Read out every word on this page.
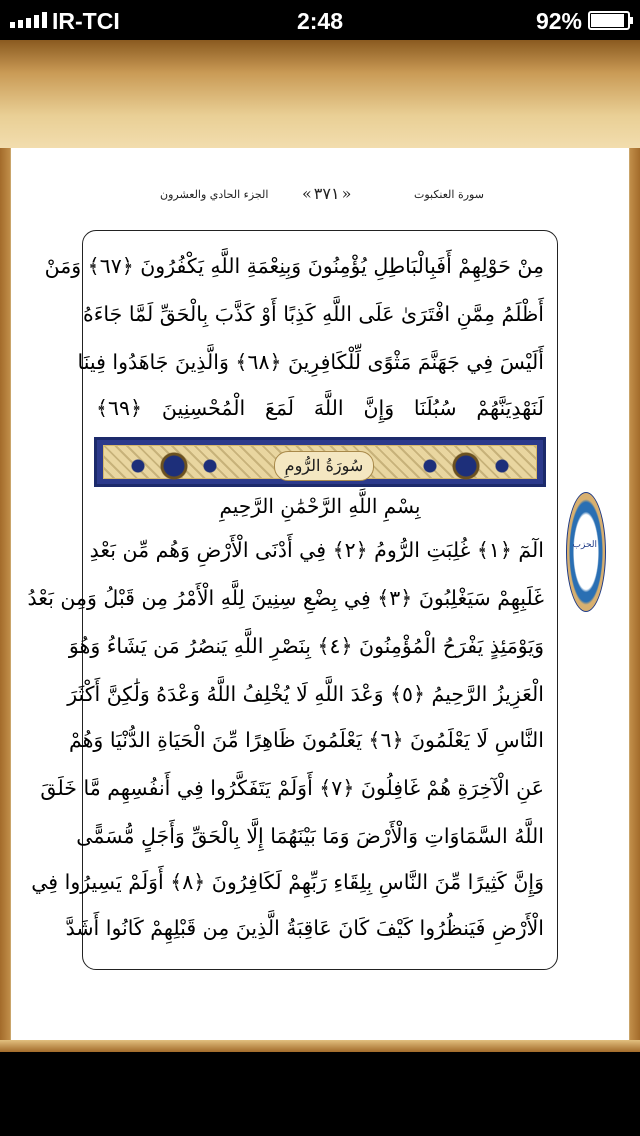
IR-TCI	2:48	92%
الجزء الحادي والعشرون
«	٣٧١ »	سورة العنكبوت
مِنْ حَوْلِهِمْ أَفَبِالْبَاطِلِ يُؤْمِنُونَ وَبِنِعْمَةِ اللَّهِ يَكْفُرُونَ ﴿٦٧﴾ وَمَنْ
أَظْلَمُ مِمَّنِ افْتَرَىٰ عَلَى اللَّهِ كَذِبًا أَوْ كَذَّبَ بِالْحَقِّ لَمَّا جَاءَهُ
أَلَيْسَ فِي جَهَنَّمَ مَثْوًى لِّلْكَافِرِينَ ﴿٦٨﴾ وَالَّذِينَ جَاهَدُوا فِينَا
لَنَهْدِيَنَّهُمْ سُبُلَنَا وَإِنَّ اللَّهَ لَمَعَ الْمُحْسِنِينَ ﴿٦٩﴾
سُورَةُ الرُّومِ
بِسْمِ اللَّهِ الرَّحْمَٰنِ الرَّحِيمِ
الٓمٓ ﴿١﴾ غُلِبَتِ الرُّومُ ﴿٢﴾ فِي أَدْنَى الْأَرْضِ وَهُم مِّن بَعْدِ
غَلَبِهِمْ سَيَغْلِبُونَ ﴿٣﴾ فِي بِضْعِ سِنِينَ لِلَّهِ الْأَمْرُ مِن قَبْلُ وَمِن بَعْدُ
وَيَوْمَئِذٍ يَفْرَحُ الْمُؤْمِنُونَ ﴿٤﴾ بِنَصْرِ اللَّهِ يَنصُرُ مَن يَشَاءُ وَهُوَ
الْعَزِيزُ الرَّحِيمُ ﴿٥﴾ وَعْدَ اللَّهِ لَا يُخْلِفُ اللَّهُ وَعْدَهُ وَلَٰكِنَّ أَكْثَرَ
النَّاسِ لَا يَعْلَمُونَ ﴿٦﴾ يَعْلَمُونَ ظَاهِرًا مِّنَ الْحَيَاةِ الدُّنْيَا وَهُمْ
عَنِ الْآخِرَةِ هُمْ غَافِلُونَ ﴿٧﴾ أَوَلَمْ يَتَفَكَّرُوا فِي أَنفُسِهِم مَّا خَلَقَ
اللَّهُ السَّمَاوَاتِ وَالْأَرْضَ وَمَا بَيْنَهُمَا إِلَّا بِالْحَقِّ وَأَجَلٍ مُّسَمًّى
وَإِنَّ كَثِيرًا مِّنَ النَّاسِ بِلِقَاءِ رَبِّهِمْ لَكَافِرُونَ ﴿٨﴾ أَوَلَمْ يَسِيرُوا فِي
الْأَرْضِ فَيَنظُرُوا كَيْفَ كَانَ عَاقِبَةُ الَّذِينَ مِن قَبْلِهِمْ كَانُوا أَشَدَّ
الحزب
